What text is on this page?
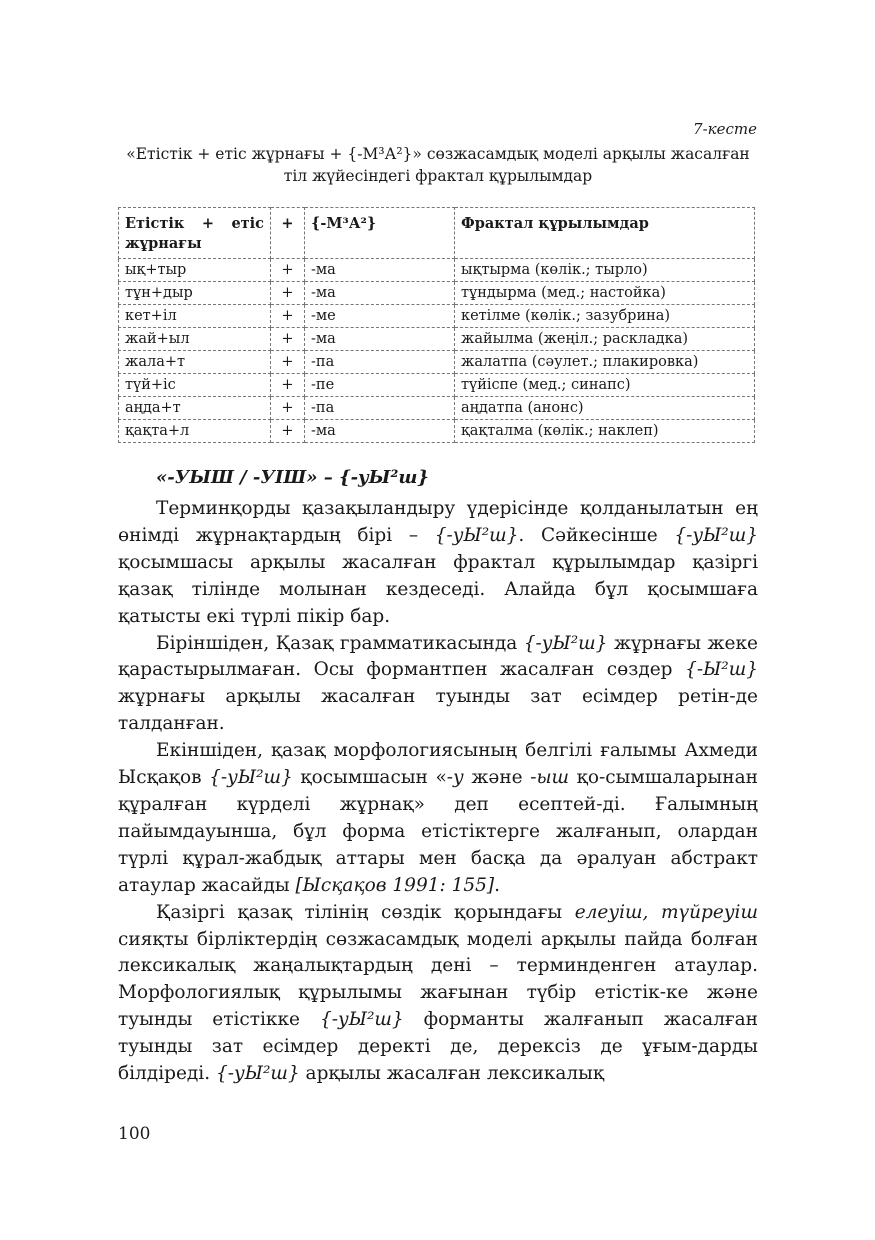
7-кесте
«Етістік + етіс жұрнағы + {-М³А²}» сөзжасамдық моделі арқылы жасалған
тіл жүйесіндегі фрактал құрылымдар
Етістік + етіс жұрнағы	+	{-М³А²}	Фрактал құрылымдар
ық+тыр	+	-ма	ықтырма (көлік.; тырло)
тұн+дыр	+	-ма	тұндырма (мед.; настойка)
кет+іл	+	-ме	кетілме (көлік.; зазубрина)
жай+ыл	+	-ма	жайылма (жеңіл.; раскладка)
жала+т	+	-па	жалатпа (сәулет.; плакировка)
түй+іс	+	-пе	түйіспе (мед.; синапс)
аңда+т	+	-па	аңдатпа (анонс)
қақта+л	+	-ма	қақталма (көлік.; наклеп)
«-УЫШ / -УІШ» – {-уЫ²ш}

Терминқорды қазақыландыру үдерісінде қолданылатын ең өнімді жұрнақтардың бірі – {-уЫ²ш}. Сәйкесінше {-уЫ²ш} қосымшасы арқылы жасалған фрактал құрылымдар қазіргі қазақ тілінде молынан кездеседі. Алайда бұл қосымшаға қатысты екі түрлі пікір бар.

Біріншіден, Қазақ грамматикасында {-уЫ²ш} жұрнағы жеке қарастырылмаған. Осы формантпен жасалған сөздер {-Ы²ш} жұрнағы арқылы жасалған туынды зат есімдер ретін-де талданған.

Екіншіден, қазақ морфологиясының белгілі ғалымы Ахмеди Ысқақов {-уЫ²ш} қосымшасын «-у және -ыш қо-сымшаларынан құралған күрделі жұрнақ» деп есептей-ді. Ғалымның пайымдауынша, бұл форма етістіктерге жалғанып, олардан түрлі құрал-жабдық аттары мен басқа да әралуан абстракт атаулар жасайды [Ысқақов 1991: 155].

Қазіргі қазақ тілінің сөздік қорындағы елеуіш, түйреуіш сияқты бірліктердің сөзжасамдық моделі арқылы пайда болған лексикалық жаңалықтардың дені – терминденген атаулар. Морфологиялық құрылымы жағынан түбір етістік-ке және туынды етістікке {-уЫ²ш} форманты жалғанып жасалған туынды зат есімдер деректі де, дерексіз де ұғым-дарды білдіреді. {-уЫ²ш} арқылы жасалған лексикалық

100
